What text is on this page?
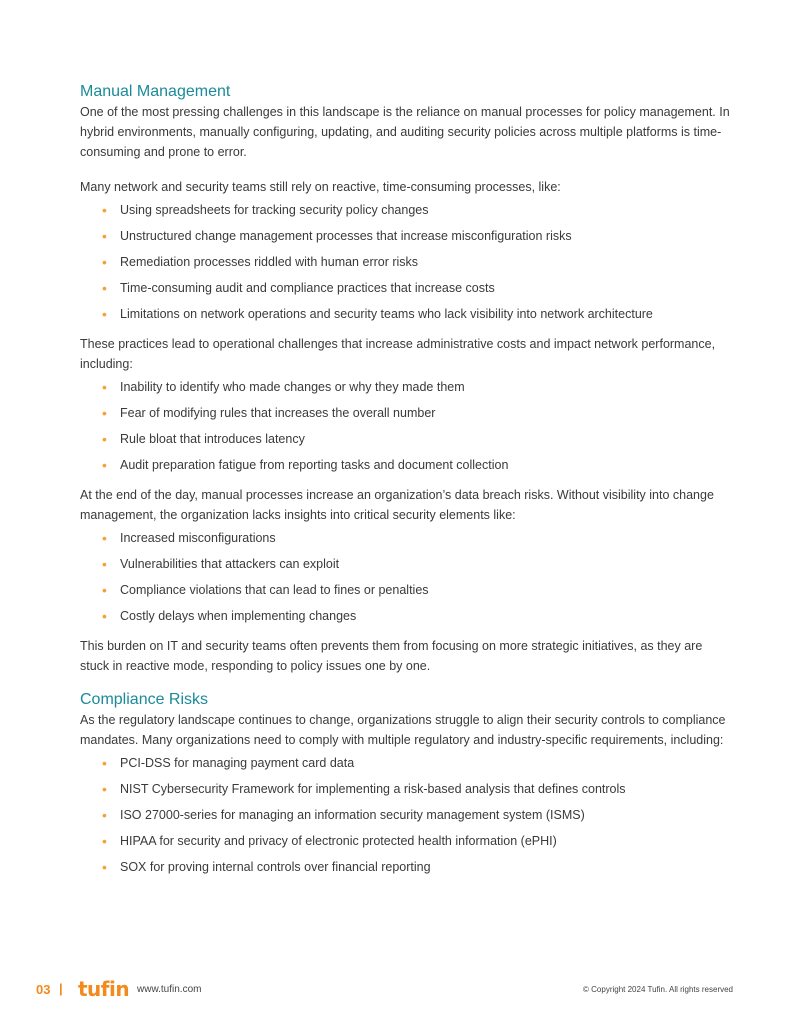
Manual Management

One of the most pressing challenges in this landscape is the reliance on manual processes for policy management. In hybrid environments, manually configuring, updating, and auditing security policies across multiple platforms is time-consuming and prone to error.

Many network and security teams still rely on reactive, time-consuming processes, like:

• Using spreadsheets for tracking security policy changes
• Unstructured change management processes that increase misconfiguration risks
• Remediation processes riddled with human error risks
• Time-consuming audit and compliance practices that increase costs
• Limitations on network operations and security teams who lack visibility into network architecture

These practices lead to operational challenges that increase administrative costs and impact network performance, including:

• Inability to identify who made changes or why they made them
• Fear of modifying rules that increases the overall number
• Rule bloat that introduces latency
• Audit preparation fatigue from reporting tasks and document collection

At the end of the day, manual processes increase an organization’s data breach risks. Without visibility into change management, the organization lacks insights into critical security elements like:

• Increased misconfigurations
• Vulnerabilities that attackers can exploit
• Compliance violations that can lead to fines or penalties
• Costly delays when implementing changes

This burden on IT and security teams often prevents them from focusing on more strategic initiatives, as they are stuck in reactive mode, responding to policy issues one by one.

Compliance Risks

As the regulatory landscape continues to change, organizations struggle to align their security controls to compliance mandates. Many organizations need to comply with multiple regulatory and industry-specific requirements, including:

• PCI-DSS for managing payment card data
• NIST Cybersecurity Framework for implementing a risk-based analysis that defines controls
• ISO 27000-series for managing an information security management system (ISMS)
• HIPAA for security and privacy of electronic protected health information (ePHI)
• SOX for proving internal controls over financial reporting
03 | tufin www.tufin.com	© Copyright 2024 Tufin. All rights reserved
